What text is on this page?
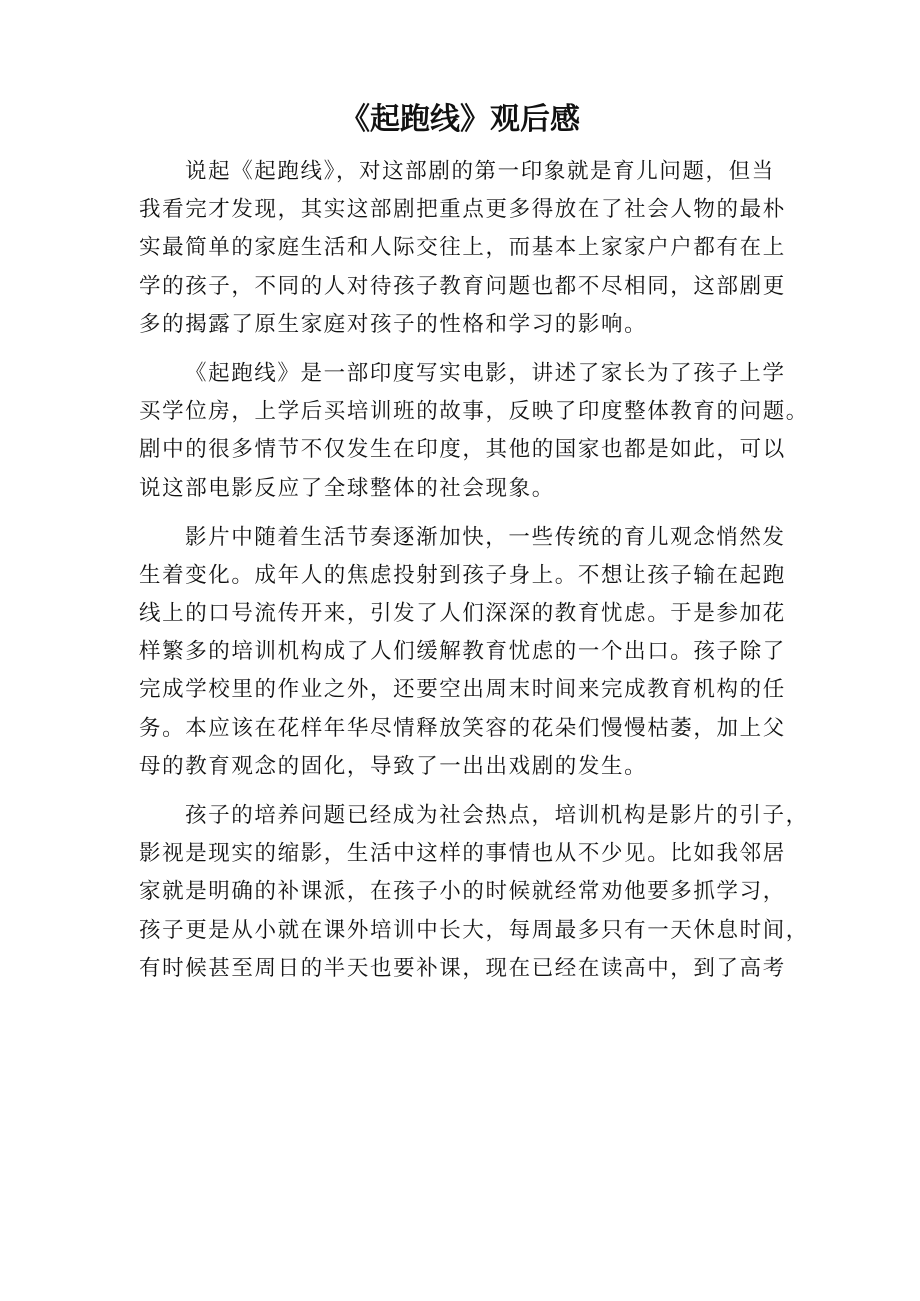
《起跑线》观后感

说起《起跑线》，对这部剧的第一印象就是育儿问题，但当
我看完才发现，其实这部剧把重点更多得放在了社会人物的最朴
实最简单的家庭生活和人际交往上，而基本上家家户户都有在上
学的孩子，不同的人对待孩子教育问题也都不尽相同，这部剧更
多的揭露了原生家庭对孩子的性格和学习的影响。

《起跑线》是一部印度写实电影，讲述了家长为了孩子上学
买学位房，上学后买培训班的故事，反映了印度整体教育的问题。
剧中的很多情节不仅发生在印度，其他的国家也都是如此，可以
说这部电影反应了全球整体的社会现象。

影片中随着生活节奏逐渐加快，一些传统的育儿观念悄然发
生着变化。成年人的焦虑投射到孩子身上。不想让孩子输在起跑
线上的口号流传开来，引发了人们深深的教育忧虑。于是参加花
样繁多的培训机构成了人们缓解教育忧虑的一个出口。孩子除了
完成学校里的作业之外，还要空出周末时间来完成教育机构的任
务。本应该在花样年华尽情释放笑容的花朵们慢慢枯萎，加上父
母的教育观念的固化，导致了一出出戏剧的发生。

孩子的培养问题已经成为社会热点，培训机构是影片的引子，
影视是现实的缩影，生活中这样的事情也从不少见。比如我邻居
家就是明确的补课派，在孩子小的时候就经常劝他要多抓学习，
孩子更是从小就在课外培训中长大，每周最多只有一天休息时间，
有时候甚至周日的半天也要补课，现在已经在读高中，到了高考
